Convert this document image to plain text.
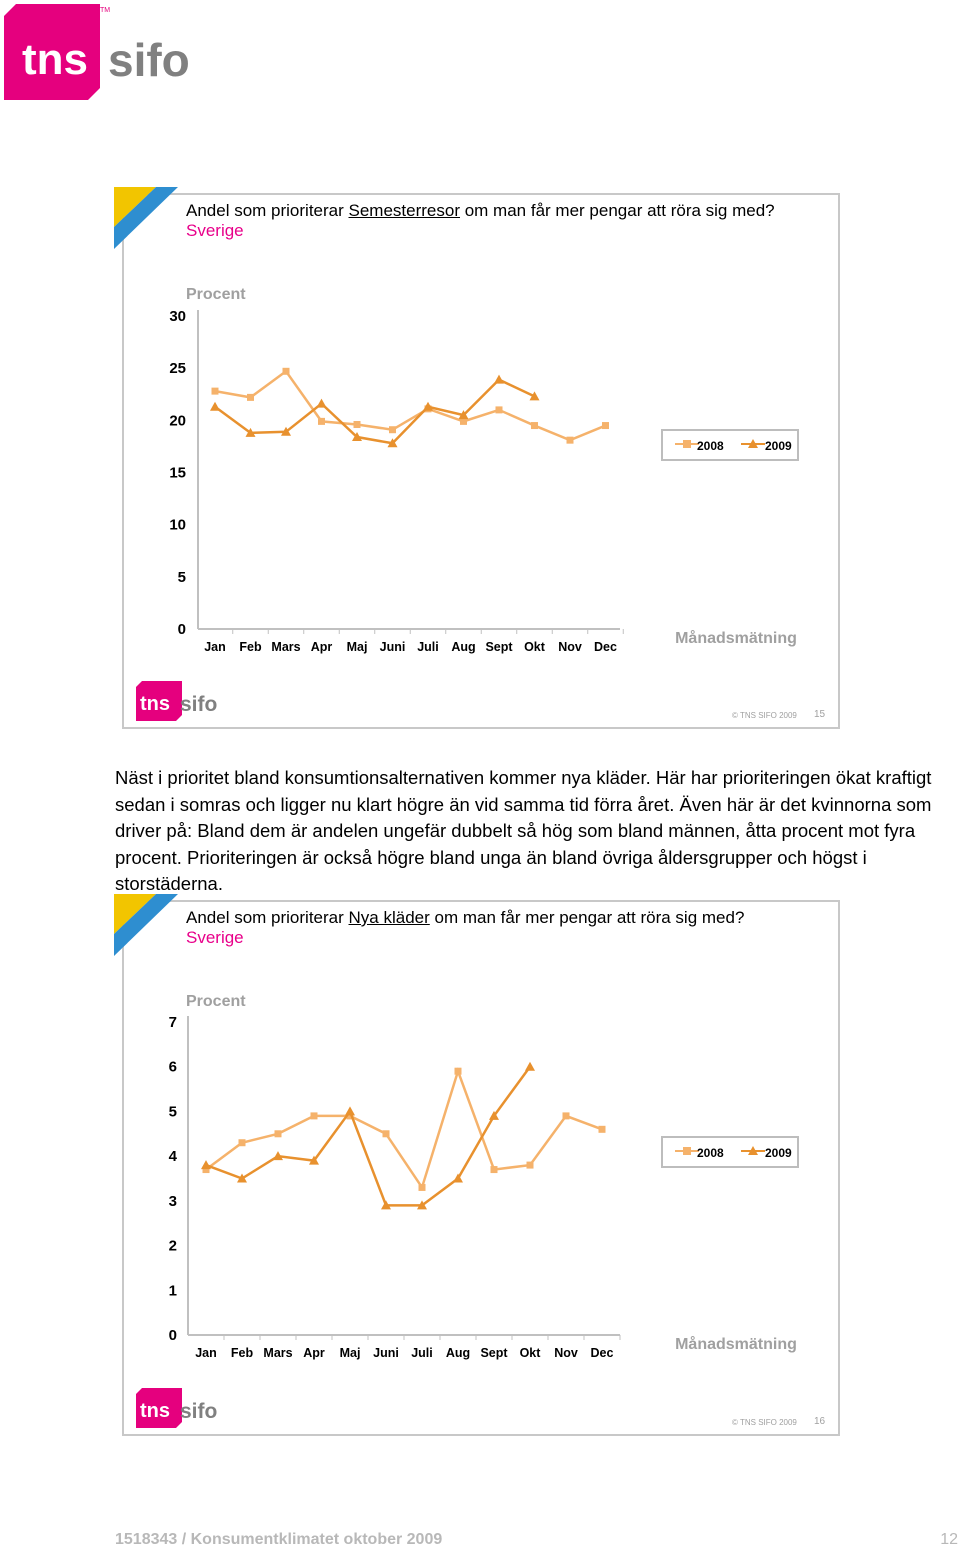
tns sifo
TM
Andel som prioriterar Semesterresor om man får mer pengar att röra sig med?
Sverige
0
5
10
15
20
25
30
Jan Feb Mars Apr Maj Juni Juli Aug Sept Okt Nov Dec
Procent
Månadsmätning
2008	2009
tns sifo	© TNS SIFO 2009 15

Näst i prioritet bland konsumtionsalternativen kommer nya kläder. Här har prioriteringen ökat kraftigt sedan i somras och ligger nu klart högre än vid samma tid förra året. Även här är det kvinnorna som driver på: Bland dem är andelen ungefär dubbelt så hög som bland männen, åtta procent mot fyra procent. Prioriteringen är också högre bland unga än bland övriga åldersgrupper och högst i storstäderna.

Andel som prioriterar Nya kläder om man får mer pengar att röra sig med?
Sverige
0
1
2
3
4
5
6
7
Jan Feb Mars Apr Maj Juni Juli Aug Sept Okt Nov Dec
Procent
Månadsmätning
2008	2009
tns sifo	© TNS SIFO 2009 16
1518343 / Konsumentklimatet oktober 2009	12
